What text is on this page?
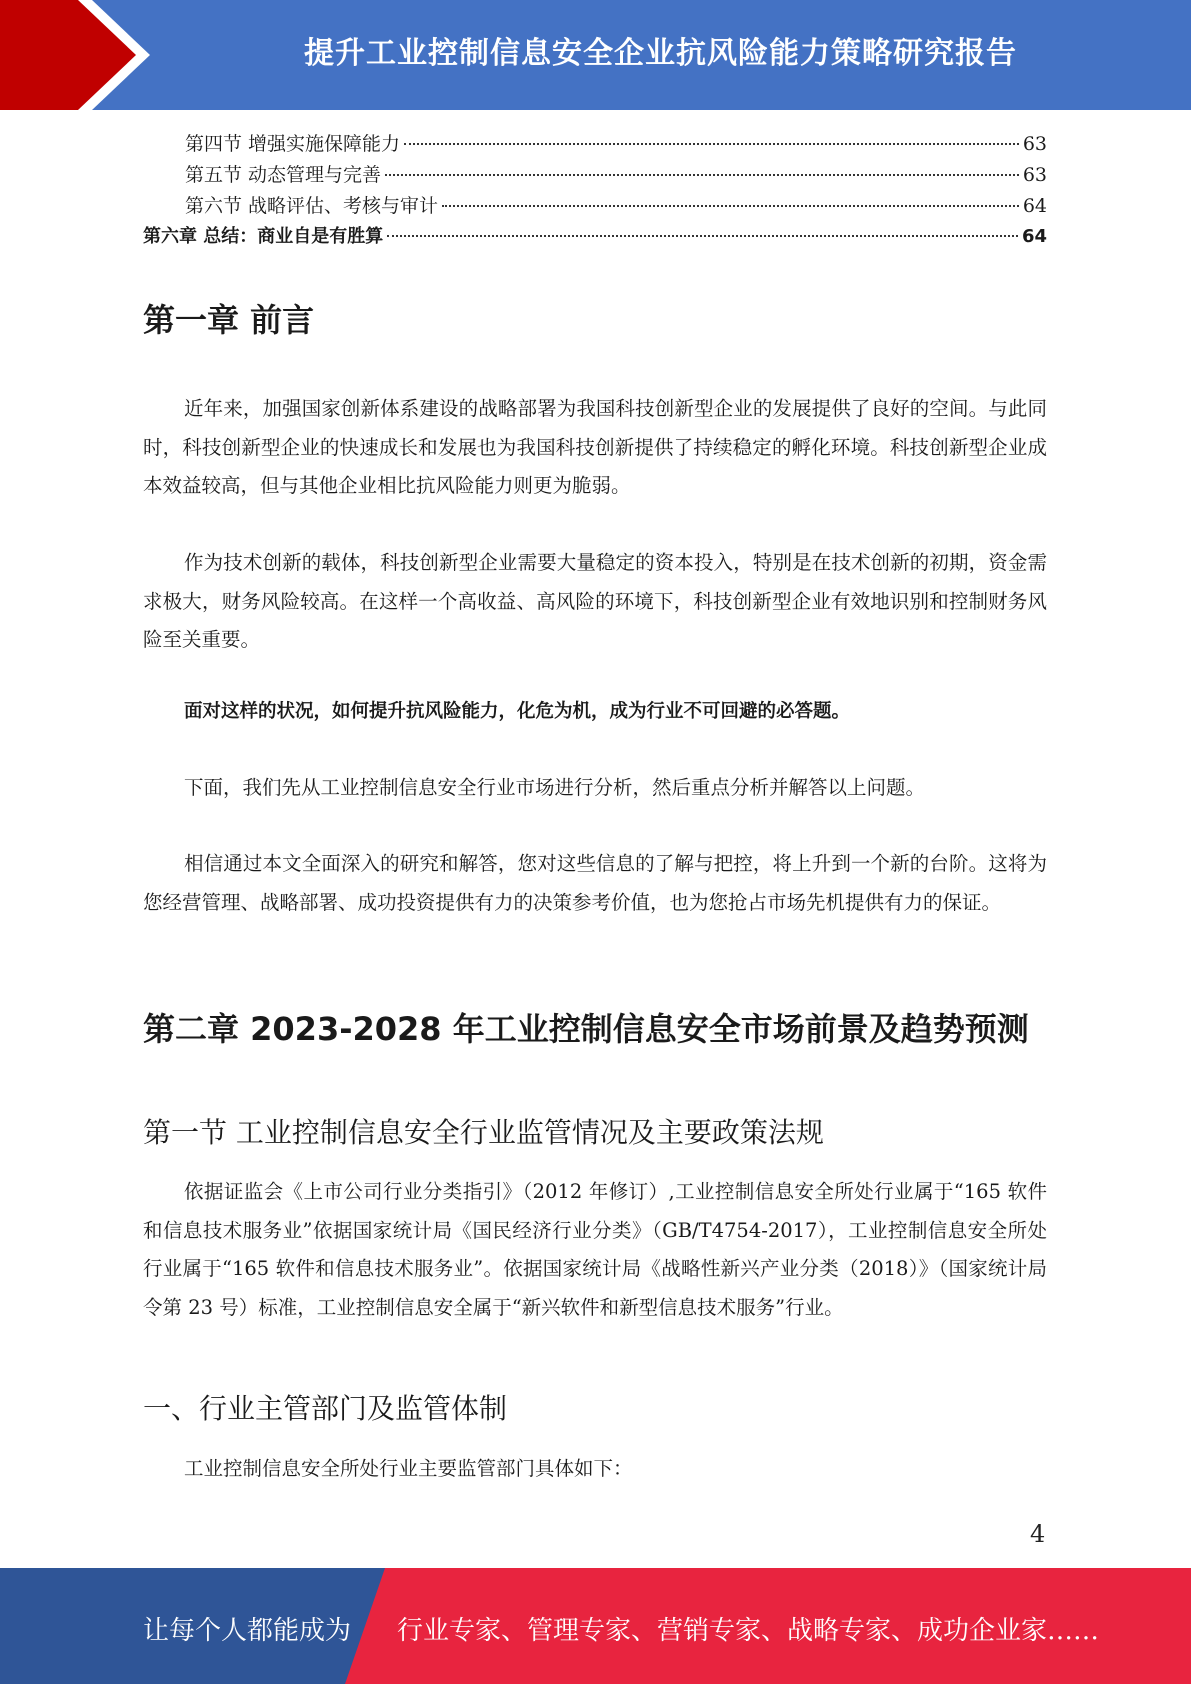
提升工业控制信息安全企业抗风险能力策略研究报告
第四节 增强实施保障能力	63
第五节 动态管理与完善	63
第六节 战略评估、考核与审计	64
第六章 总结：商业自是有胜算	64
第一章 前言
近年来，加强国家创新体系建设的战略部署为我国科技创新型企业的发展提供了良好的空间。与此同时，科技创新型企业的快速成长和发展也为我国科技创新提供了持续稳定的孵化环境。科技创新型企业成本效益较高，但与其他企业相比抗风险能力则更为脆弱。
作为技术创新的载体，科技创新型企业需要大量稳定的资本投入，特别是在技术创新的初期，资金需求极大，财务风险较高。在这样一个高收益、高风险的环境下，科技创新型企业有效地识别和控制财务风险至关重要。
面对这样的状况，如何提升抗风险能力，化危为机，成为行业不可回避的必答题。
下面，我们先从工业控制信息安全行业市场进行分析，然后重点分析并解答以上问题。
相信通过本文全面深入的研究和解答，您对这些信息的了解与把控，将上升到一个新的台阶。这将为您经营管理、战略部署、成功投资提供有力的决策参考价值，也为您抢占市场先机提供有力的保证。
第二章 2023-2028 年工业控制信息安全市场前景及趋势预测
第一节 工业控制信息安全行业监管情况及主要政策法规
依据证监会《上市公司行业分类指引》（2012 年修订）,工业控制信息安全所处行业属于“165 软件和信息技术服务业”依据国家统计局《国民经济行业分类》（GB/T4754-2017），工业控制信息安全所处行业属于“165 软件和信息技术服务业”。依据国家统计局《战略性新兴产业分类（2018）》（国家统计局令第 23 号）标准，工业控制信息安全属于“新兴软件和新型信息技术服务”行业。
一、行业主管部门及监管体制
工业控制信息安全所处行业主要监管部门具体如下：
4
让每个人都能成为 行业专家、管理专家、营销专家、战略专家、成功企业家……
